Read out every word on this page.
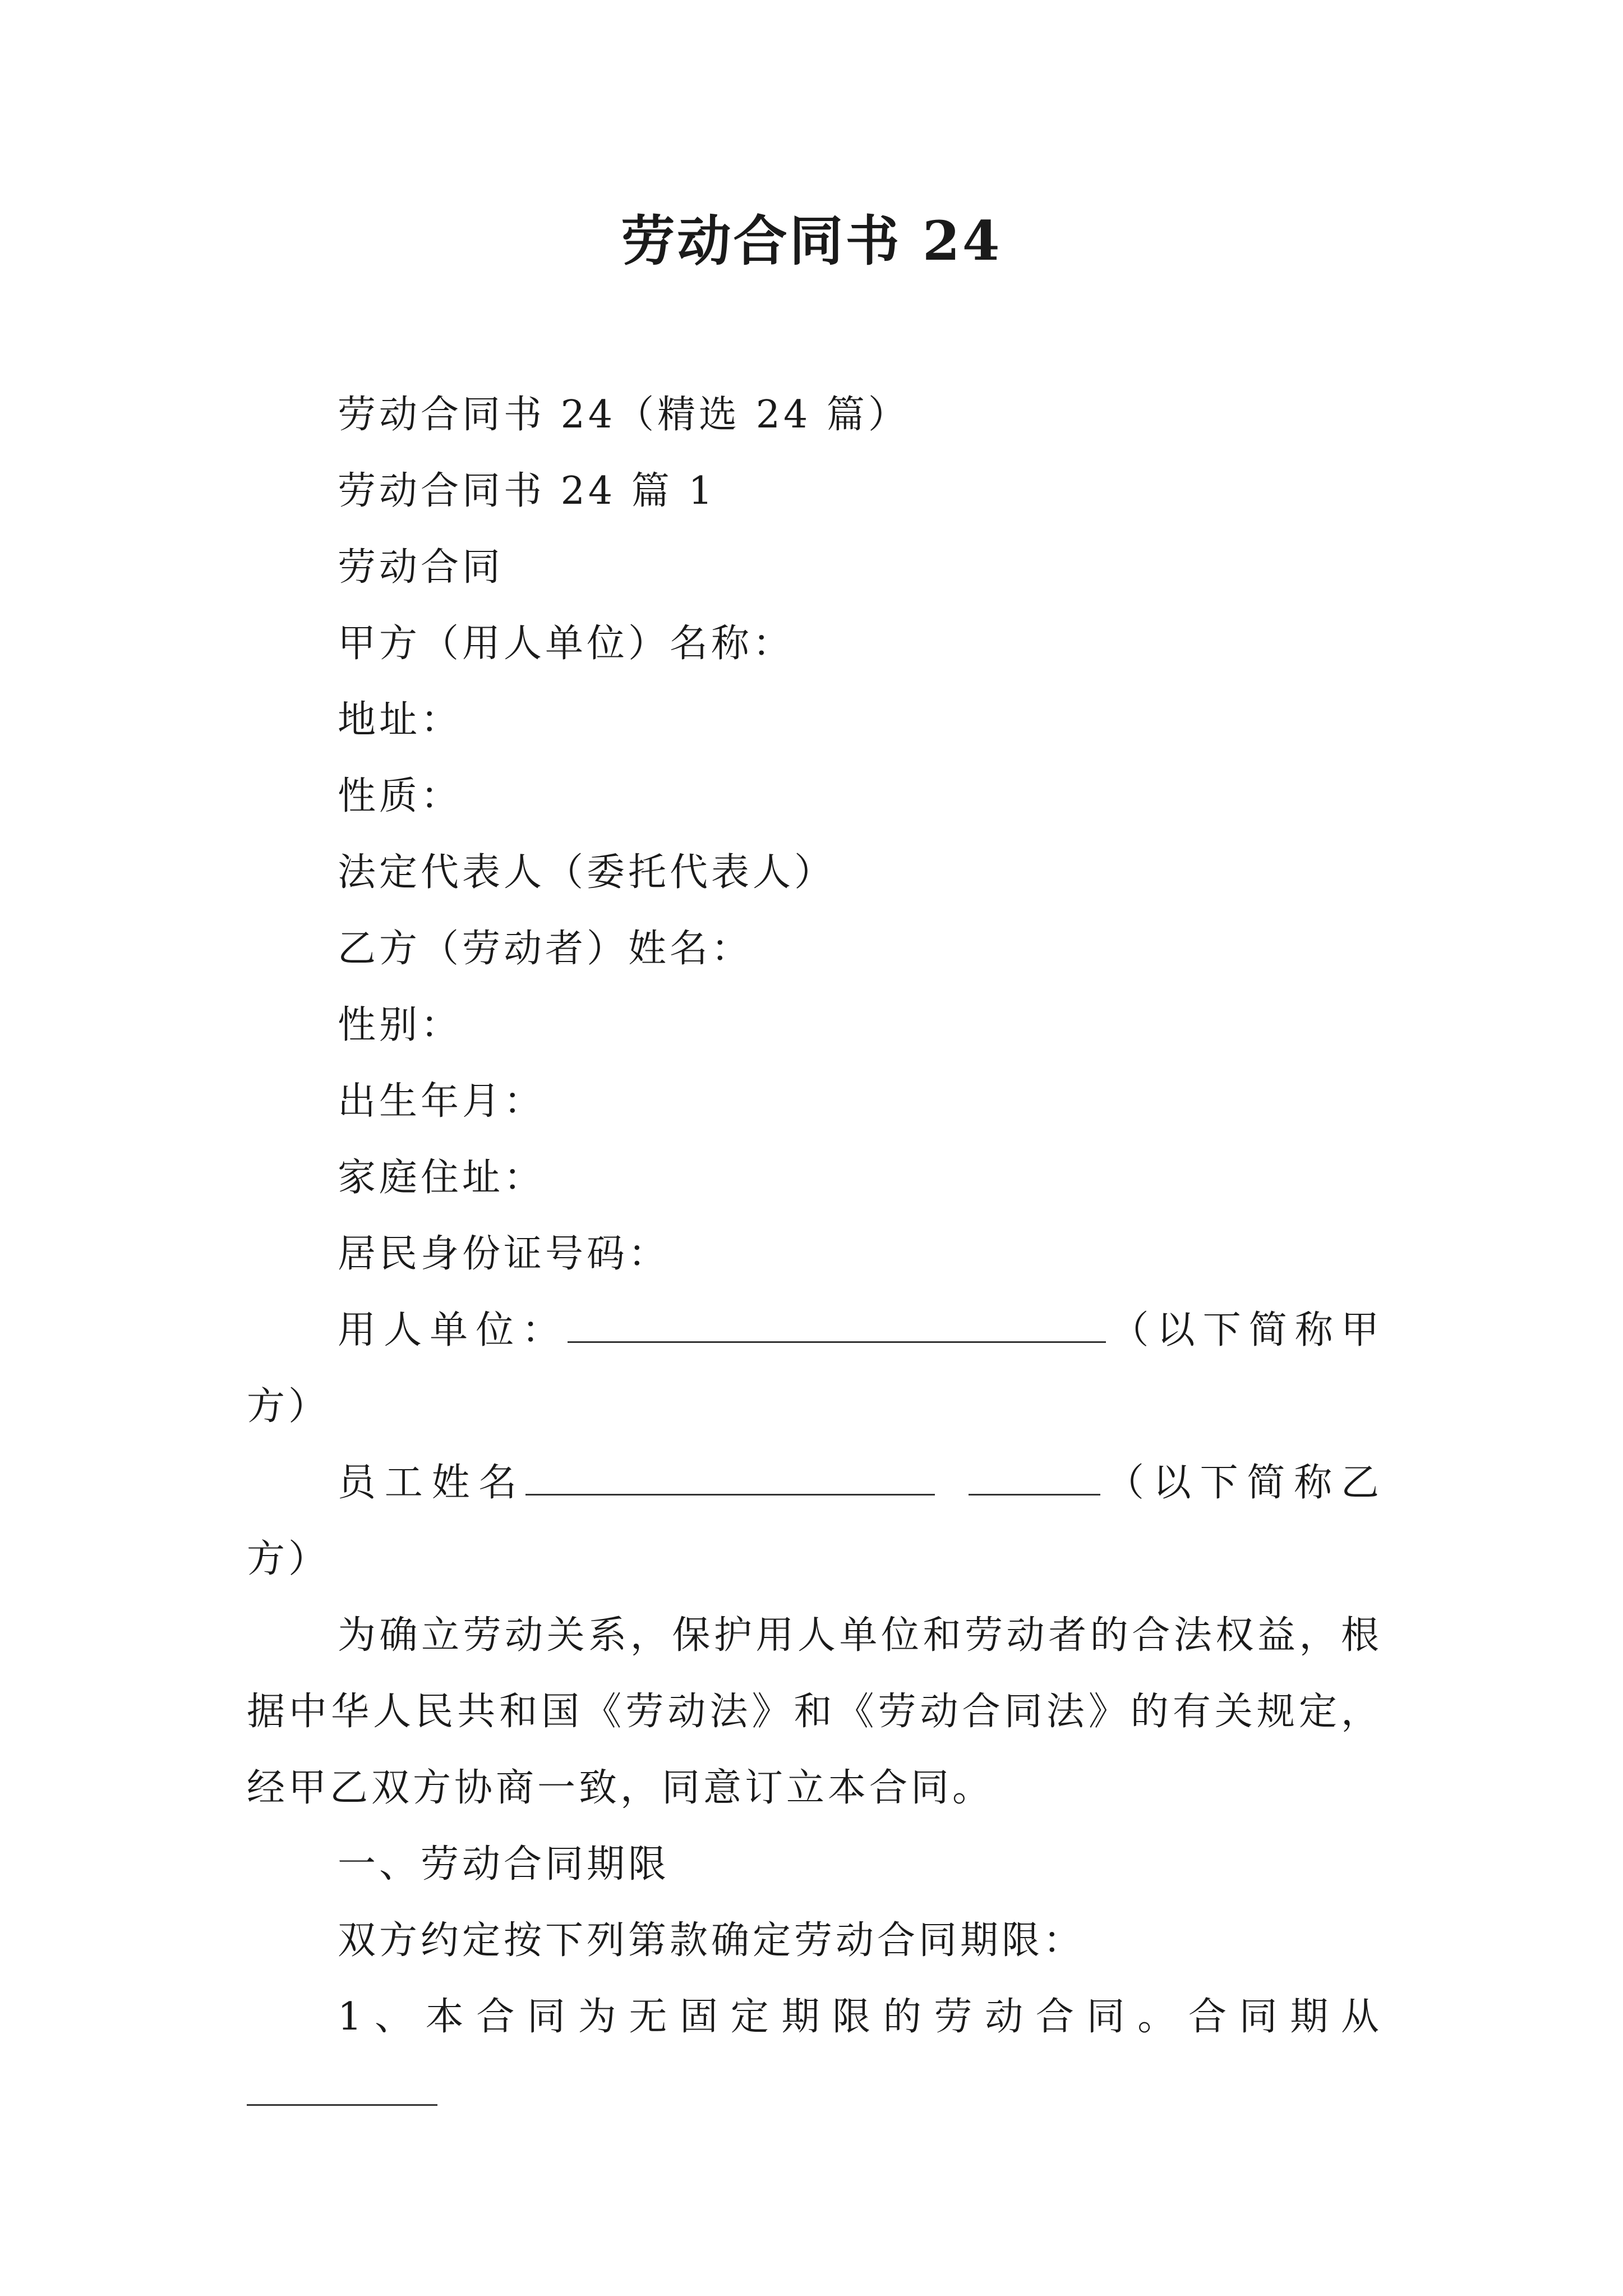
劳动合同书 24

劳动合同书 24（精选 24 篇）

劳动合同书 24 篇 1

劳动合同

甲方（用人单位）名称：

地址：

性质：

法定代表人（委托代表人）

乙方（劳动者）姓名：

性别：

出生年月：

家庭住址：

居民身份证号码：

用人单位：	（以下简称甲方）

员工姓名	（以下简称乙方）

为确立劳动关系，保护用人单位和劳动者的合法权益，根据中华人民共和国《劳动法》和《劳动合同法》的有关规定，经甲乙双方协商一致，同意订立本合同。

一、劳动合同期限

双方约定按下列第款确定劳动合同期限：

1、本合同为无固定期限的劳动合同。合同期从
